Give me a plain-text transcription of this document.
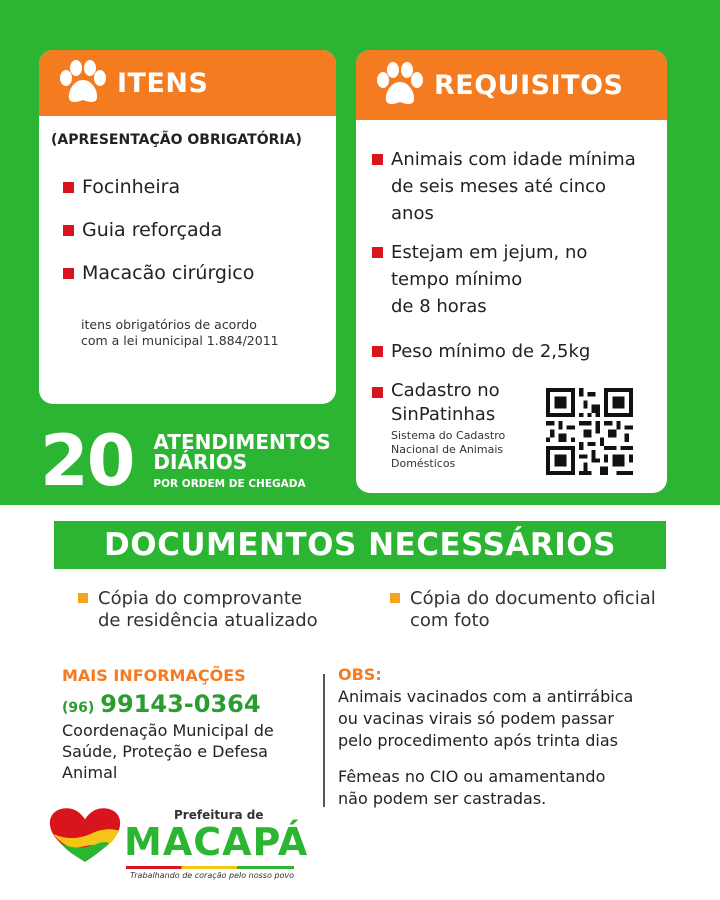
ITENS
(APRESENTAÇÃO OBRIGATÓRIA)
Focinheira
Guia reforçada
Macacão cirúrgico
itens obrigatórios de acordo
com a lei municipal 1.884/2011
REQUISITOS
Animais com idade mínima
de seis meses até cinco
anos
Estejam em jejum, no
tempo mínimo
de 8 horas
Peso mínimo de 2,5kg
Cadastro no
SinPatinhas
Sistema do Cadastro
Nacional de Animais
Domésticos
20 ATENDIMENTOS
DIÁRIOS
POR ORDEM DE CHEGADA
DOCUMENTOS NECESSÁRIOS
Cópia do comprovante
de residência atualizado
Cópia do documento oficial
com foto
MAIS INFORMAÇÕES
(96) 99143-0364
Coordenação Municipal de
Saúde, Proteção e Defesa
Animal
OBS:
Animais vacinados com a antirrábica
ou vacinas virais só podem passar
pelo procedimento após trinta dias
Fêmeas no CIO ou amamentando
não podem ser castradas.
Prefeitura de
MACAPÁ
Trabalhando de coração pelo nosso povo
